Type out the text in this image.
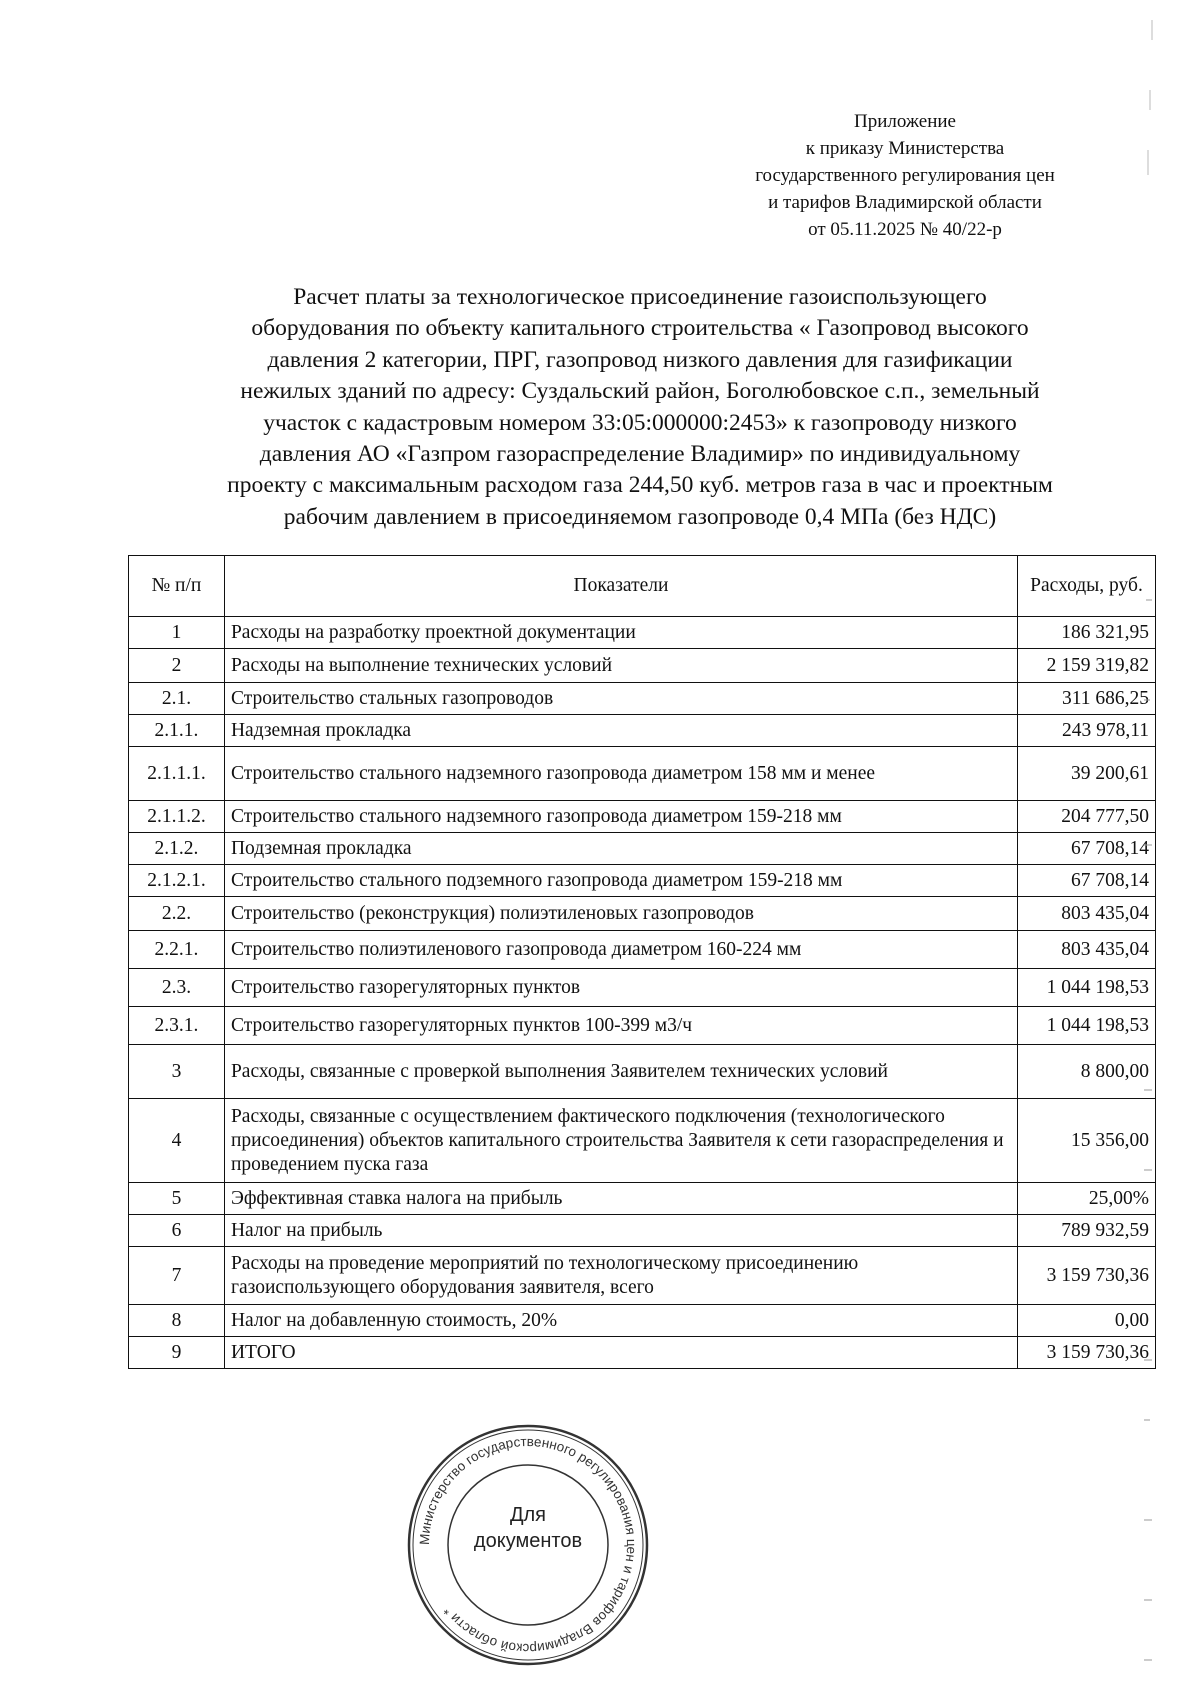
Приложение
к приказу Министерства
государственного регулирования цен
и тарифов Владимирской области
от 05.11.2025 № 40/22-р
Расчет платы за технологическое присоединение газоиспользующего
оборудования по объекту капитального строительства « Газопровод высокого
давления 2 категории, ПРГ, газопровод низкого давления для газификации
нежилых зданий по адресу: Суздальский район, Боголюбовское с.п., земельный
участок с кадастровым номером 33:05:000000:2453» к газопроводу низкого
давления АО «Газпром газораспределение Владимир» по индивидуальному
проекту с максимальным расходом газа 244,50 куб. метров газа в час и проектным
рабочим давлением в присоединяемом газопроводе 0,4 МПа (без НДС)
№ п/п	Показатели	Расходы, руб.
1	Расходы на разработку проектной документации	186 321,95
2	Расходы на выполнение технических условий	2 159 319,82
2.1.	Строительство стальных газопроводов	311 686,25
2.1.1.	Надземная прокладка	243 978,11
2.1.1.1.	Строительство стального надземного газопровода диаметром 158 мм и менее	39 200,61
2.1.1.2.	Строительство стального надземного газопровода диаметром 159-218 мм	204 777,50
2.1.2.	Подземная прокладка	67 708,14
2.1.2.1.	Строительство стального подземного газопровода диаметром 159-218 мм	67 708,14
2.2.	Строительство (реконструкция) полиэтиленовых газопроводов	803 435,04
2.2.1.	Строительство полиэтиленового газопровода диаметром 160-224 мм	803 435,04
2.3.	Строительство газорегуляторных пунктов	1 044 198,53
2.3.1.	Строительство газорегуляторных пунктов 100-399 м3/ч	1 044 198,53
3	Расходы, связанные с проверкой выполнения Заявителем технических условий	8 800,00
4	Расходы, связанные с осуществлением фактического подключения (технологического присоединения) объектов капитального строительства Заявителя к сети газораспределения и проведением пуска газа	15 356,00
5	Эффективная ставка налога на прибыль	25,00%
6	Налог на прибыль	789 932,59
7	Расходы на проведение мероприятий по технологическому присоединению газоиспользующего оборудования заявителя, всего	3 159 730,36
8	Налог на добавленную стоимость, 20%	0,00
9	ИТОГО	3 159 730,36
Министерство государственного регулирования цен и тарифов Владимирской области *
Для
документов
